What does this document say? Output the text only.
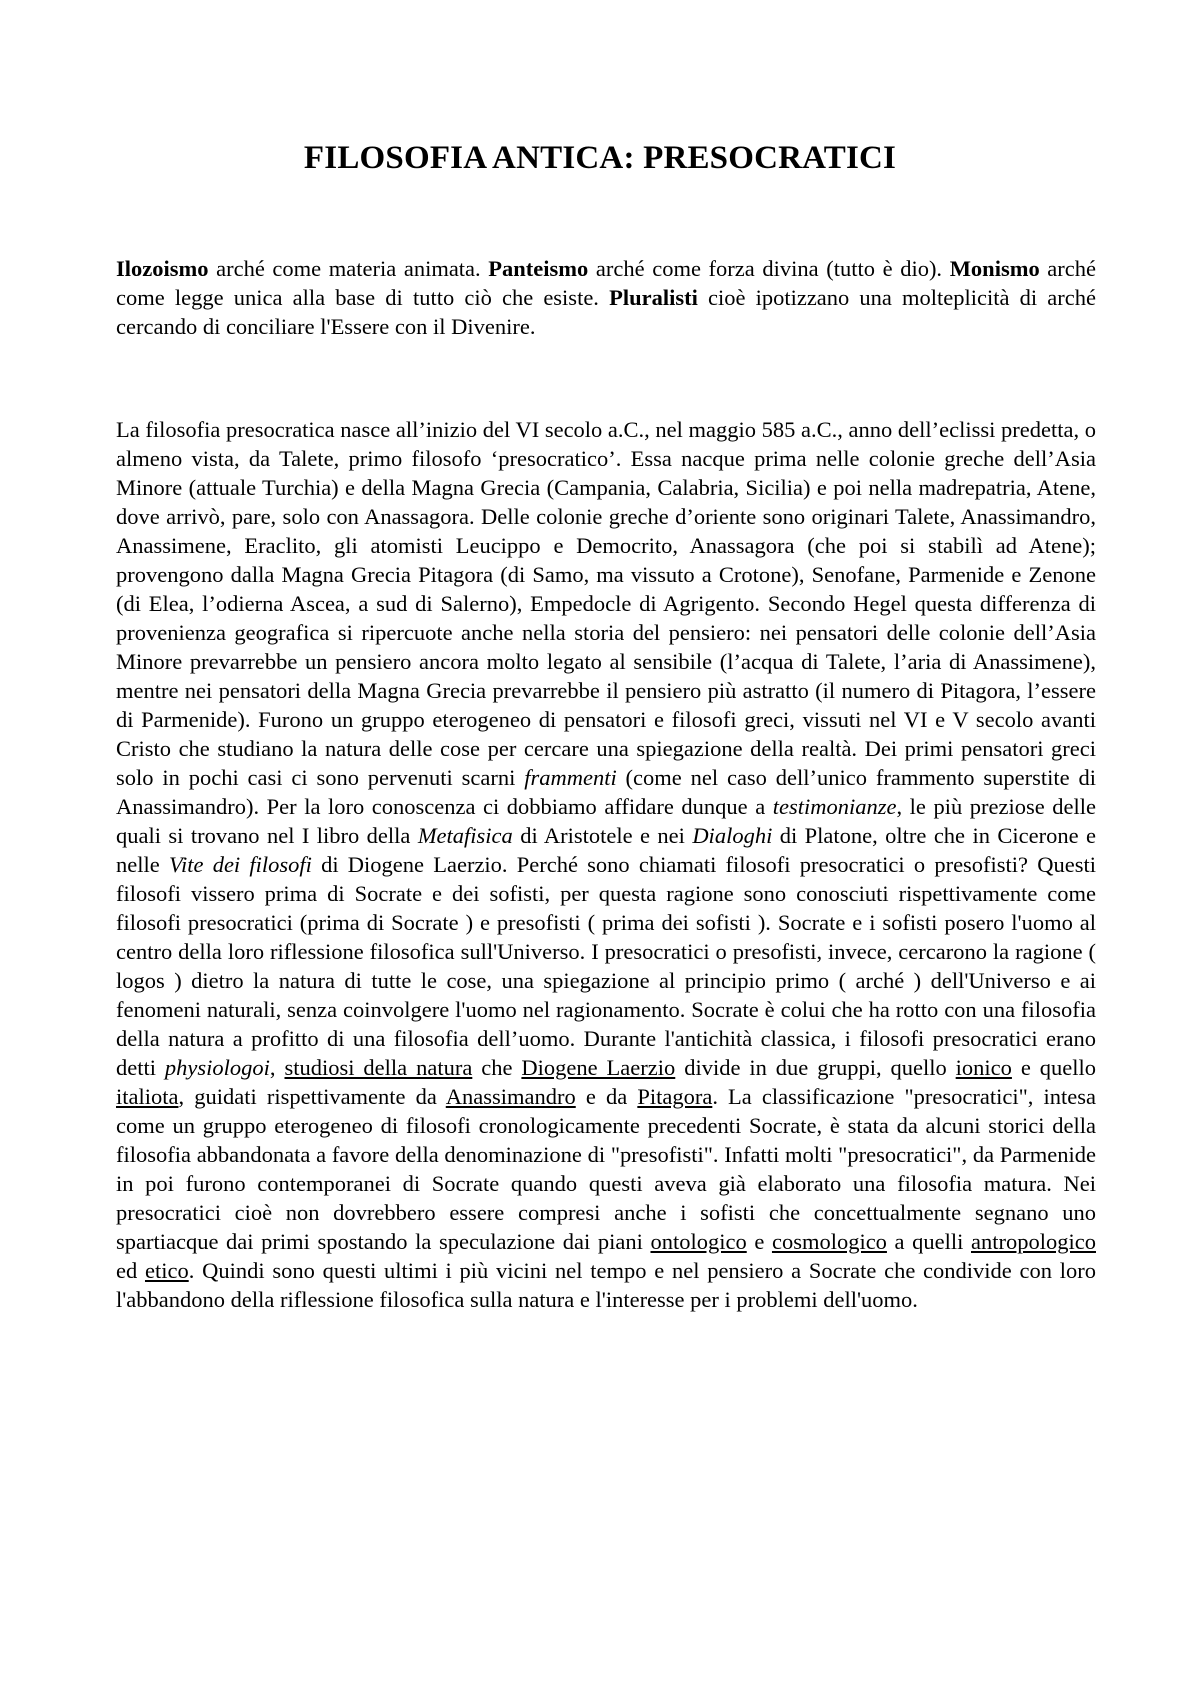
FILOSOFIA ANTICA: PRESOCRATICI

Ilozoismo arché come materia animata. Panteismo arché come forza divina (tutto è dio). Monismo arché come legge unica alla base di tutto ciò che esiste. Pluralisti cioè ipotizzano una molteplicità di arché cercando di conciliare l'Essere con il Divenire.

La filosofia presocratica nasce all’inizio del VI secolo a.C., nel maggio 585 a.C., anno dell’eclissi predetta, o almeno vista, da Talete, primo filosofo ‘presocratico’. Essa nacque prima nelle colonie greche dell’Asia Minore (attuale Turchia) e della Magna Grecia (Campania, Calabria, Sicilia) e poi nella madrepatria, Atene, dove arrivò, pare, solo con Anassagora. Delle colonie greche d’oriente sono originari Talete, Anassimandro, Anassimene, Eraclito, gli atomisti Leucippo e Democrito, Anassagora (che poi si stabilì ad Atene); provengono dalla Magna Grecia Pitagora (di Samo, ma vissuto a Crotone), Senofane, Parmenide e Zenone (di Elea, l’odierna Ascea, a sud di Salerno), Empedocle di Agrigento. Secondo Hegel questa differenza di provenienza geografica si ripercuote anche nella storia del pensiero: nei pensatori delle colonie dell’Asia Minore prevarrebbe un pensiero ancora molto legato al sensibile (l’acqua di Talete, l’aria di Anassimene), mentre nei pensatori della Magna Grecia prevarrebbe il pensiero più astratto (il numero di Pitagora, l’essere di Parmenide). Furono un gruppo eterogeneo di pensatori e filosofi greci, vissuti nel VI e V secolo avanti Cristo che studiano la natura delle cose per cercare una spiegazione della realtà. Dei primi pensatori greci solo in pochi casi ci sono pervenuti scarni frammenti (come nel caso dell’unico frammento superstite di Anassimandro). Per la loro conoscenza ci dobbiamo affidare dunque a testimonianze, le più preziose delle quali si trovano nel I libro della Metafisica di Aristotele e nei Dialoghi di Platone, oltre che in Cicerone e nelle Vite dei filosofi di Diogene Laerzio. Perché sono chiamati filosofi presocratici o presofisti? Questi filosofi vissero prima di Socrate e dei sofisti, per questa ragione sono conosciuti rispettivamente come filosofi presocratici (prima di Socrate ) e presofisti ( prima dei sofisti ). Socrate e i sofisti posero l'uomo al centro della loro riflessione filosofica sull'Universo. I presocratici o presofisti, invece, cercarono la ragione ( logos ) dietro la natura di tutte le cose, una spiegazione al principio primo ( arché ) dell'Universo e ai fenomeni naturali, senza coinvolgere l'uomo nel ragionamento. Socrate è colui che ha rotto con una filosofia della natura a profitto di una filosofia dell’uomo. Durante l'antichità classica, i filosofi presocratici erano detti physiologoi, studiosi della natura che Diogene Laerzio divide in due gruppi, quello ionico e quello italiota, guidati rispettivamente da Anassimandro e da Pitagora. La classificazione "presocratici", intesa come un gruppo eterogeneo di filosofi cronologicamente precedenti Socrate, è stata da alcuni storici della filosofia abbandonata a favore della denominazione di "presofisti". Infatti molti "presocratici", da Parmenide in poi furono contemporanei di Socrate quando questi aveva già elaborato una filosofia matura. Nei presocratici cioè non dovrebbero essere compresi anche i sofisti che concettualmente segnano uno spartiacque dai primi spostando la speculazione dai piani ontologico e cosmologico a quelli antropologico ed etico. Quindi sono questi ultimi i più vicini nel tempo e nel pensiero a Socrate che condivide con loro l'abbandono della riflessione filosofica sulla natura e l'interesse per i problemi dell'uomo.
